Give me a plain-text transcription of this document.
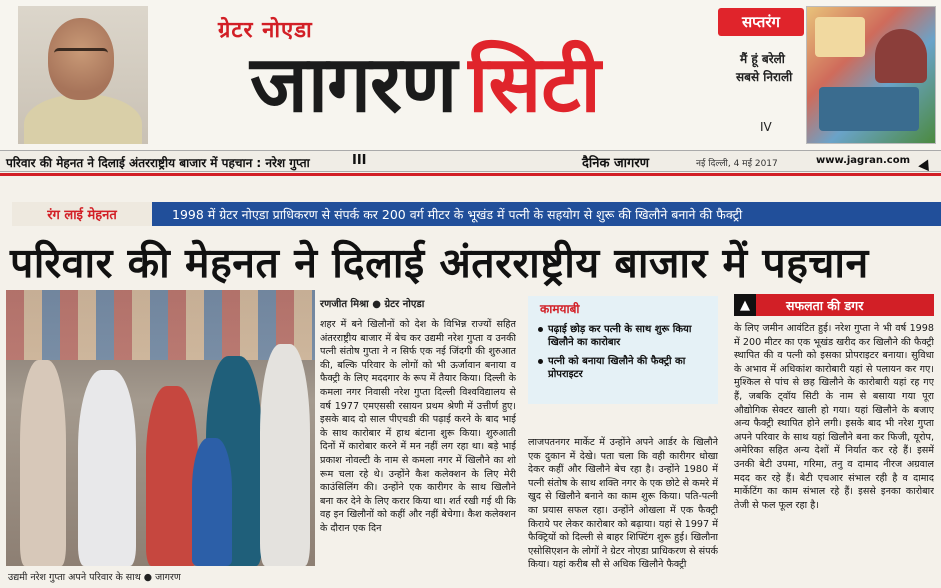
ग्रेटर नोएडा
जागरण सिटी
सप्तरंग
मैं हूं बरेली
सबसे निराली
IV
परिवार की मेहनत ने दिलाई अंतरराष्ट्रीय बाजार में पहचान : नरेश गुप्ता	III	दैनिक जागरण	नई दिल्ली, 4 मई 2017	www.jagran.com
रंग लाई मेहनत	1998 में ग्रेटर नोएडा प्राधिकरण से संपर्क कर 200 वर्ग मीटर के भूखंड में पत्नी के सहयोग से शुरू की खिलौने बनाने की फैक्ट्री
परिवार की मेहनत ने दिलाई अंतरराष्ट्रीय बाजार में पहचान
उद्यमी नरेश गुप्ता अपने परिवार के साथ ● जागरण
रणजीत मिश्रा ● ग्रेटर नोएडा
शहर में बने खिलौनों को देश के विभिन्न राज्यों सहित अंतरराष्ट्रीय बाजार में बेच कर उद्यमी नरेश गुप्ता व उनकी पत्नी संतोष गुप्ता ने न सिर्फ एक नई जिंदगी की शुरुआत की, बल्कि परिवार के लोगों को भी ऊर्जावान बनाया व फैक्ट्री के लिए मददगार के रूप में तैयार किया। दिल्ली के कमला नगर निवासी नरेश गुप्ता दिल्ली विश्वविद्यालय से वर्ष 1977 एमएससी रसायन प्रथम श्रेणी में उत्तीर्ण हुए। इसके बाद दो साल पीएचडी की पढ़ाई करने के बाद भाई के साथ कारोबार में हाथ बंटाना शुरू किया। शुरुआती दिनों में कारोबार करने में मन नहीं लग रहा था। बड़े भाई प्रकाश नोवल्टी के नाम से कमला नगर में खिलौने का शो रूम चला रहे थे। उन्होंने कैश कलेक्शन के लिए मेरी काउंसिलिंग की। उन्होंने एक कारीगर के साथ खिलौने बना कर देने के लिए करार किया था। शर्त रखी गई थी कि वह इन खिलौनों को कहीं और नहीं बेचेगा। कैश कलेक्शन के दौरान एक दिन
कामयाबी
पढ़ाई छोड़ कर पत्नी के साथ शुरू किया खिलौने का कारोबार
पत्नी को बनाया खिलौने की फैक्ट्री का प्रोपराइटर
लाजपतनगर मार्केट में उन्होंने अपने आर्डर के खिलौने एक दुकान में देखे। पता चला कि वही कारीगर धोखा देकर कहीं और खिलौने बेच रहा है। उन्होंने 1980 में पत्नी संतोष के साथ शक्ति नगर के एक छोटे से कमरे में खुद से खिलौने बनाने का काम शुरू किया। पति-पत्नी का प्रयास सफल रहा। उन्होंने ओखला में एक फैक्ट्री किराये पर लेकर कारोबार को बढ़ाया। यहां से 1997 में फैक्ट्रियों को दिल्ली से बाहर शिफ्टिंग शुरू हुई। खिलौना एसोसिएशन के लोगों ने ग्रेटर नोएडा प्राधिकरण से संपर्क किया। यहां करीब सौ से अधिक खिलौने फैक्ट्री
▲	सफलता की डगर
के लिए जमीन आवंटित हुई। नरेश गुप्ता ने भी वर्ष 1998 में 200 मीटर का एक भूखंड खरीद कर खिलौने की फैक्ट्री स्थापित की व पत्नी को इसका प्रोपराइटर बनाया। सुविधा के अभाव में अधिकांश कारोबारी यहां से पलायन कर गए। मुश्किल से पांच से छह खिलौने के कारोबारी यहां रह गए हैं, जबकि ट्वॉय सिटी के नाम से बसाया गया पूरा औद्योगिक सेक्टर खाली हो गया। यहां खिलौने के बजाए अन्य फैक्ट्री स्थापित होने लगी। इसके बाद भी नरेश गुप्ता अपने परिवार के साथ यहां खिलौने बना कर फिजी, यूरोप, अमेरिका सहित अन्य देशों में निर्यात कर रहे हैं। इसमें उनकी बेटी उपमा, गरिमा, तनु व दामाद नीरज अग्रवाल मदद कर रहे हैं। बेटी एचआर संभाल रही है व दामाद मार्केटिंग का काम संभाल रहे हैं। इससे इनका कारोबार तेजी से फल फूल रहा है।
